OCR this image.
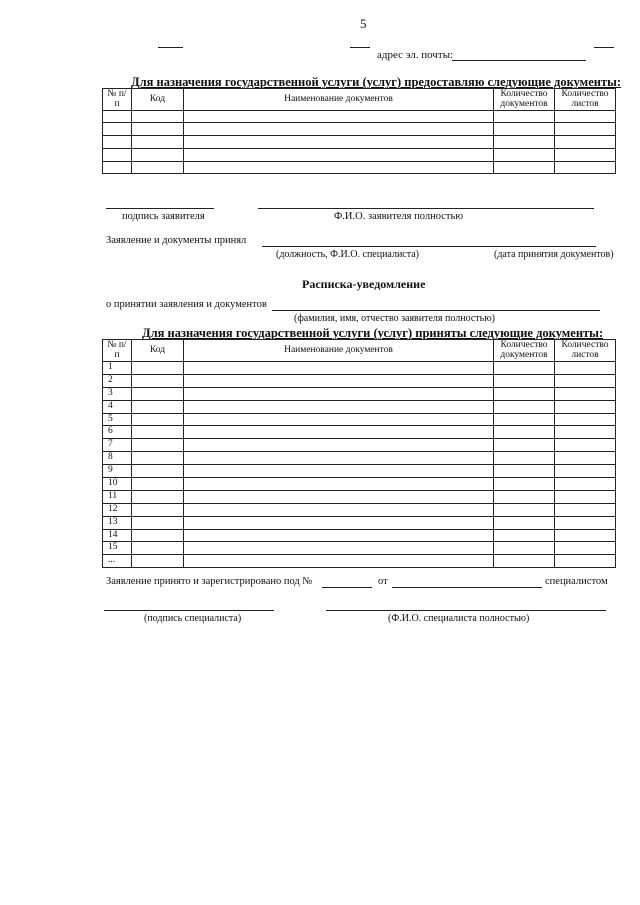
5
адрес эл. почты:
Для назначения государственной услуги (услуг) предоставляю следующие документы:
№ п/п	Код	Наименование документов	Количество документов	Количество листов

подпись заявителя	Ф.И.О. заявителя полностью
Заявление и документы принял
(должность, Ф.И.О. специалиста)	(дата принятия документов)
Расписка-уведомление
о принятии заявления и документов
(фамилия, имя, отчество заявителя полностью)
Для назначения государственной услуги (услуг) приняты следующие документы:
№ п/п	Код	Наименование документов	Количество документов	Количество листов
1				
2				
3				
4				
5				
6				
7				
8				
9				
10				
11				
12				
13				
14				
15				
...				
Заявление принято и зарегистрировано под №	от	специалистом
(подпись специалиста)	(Ф.И.О. специалиста полностью)
